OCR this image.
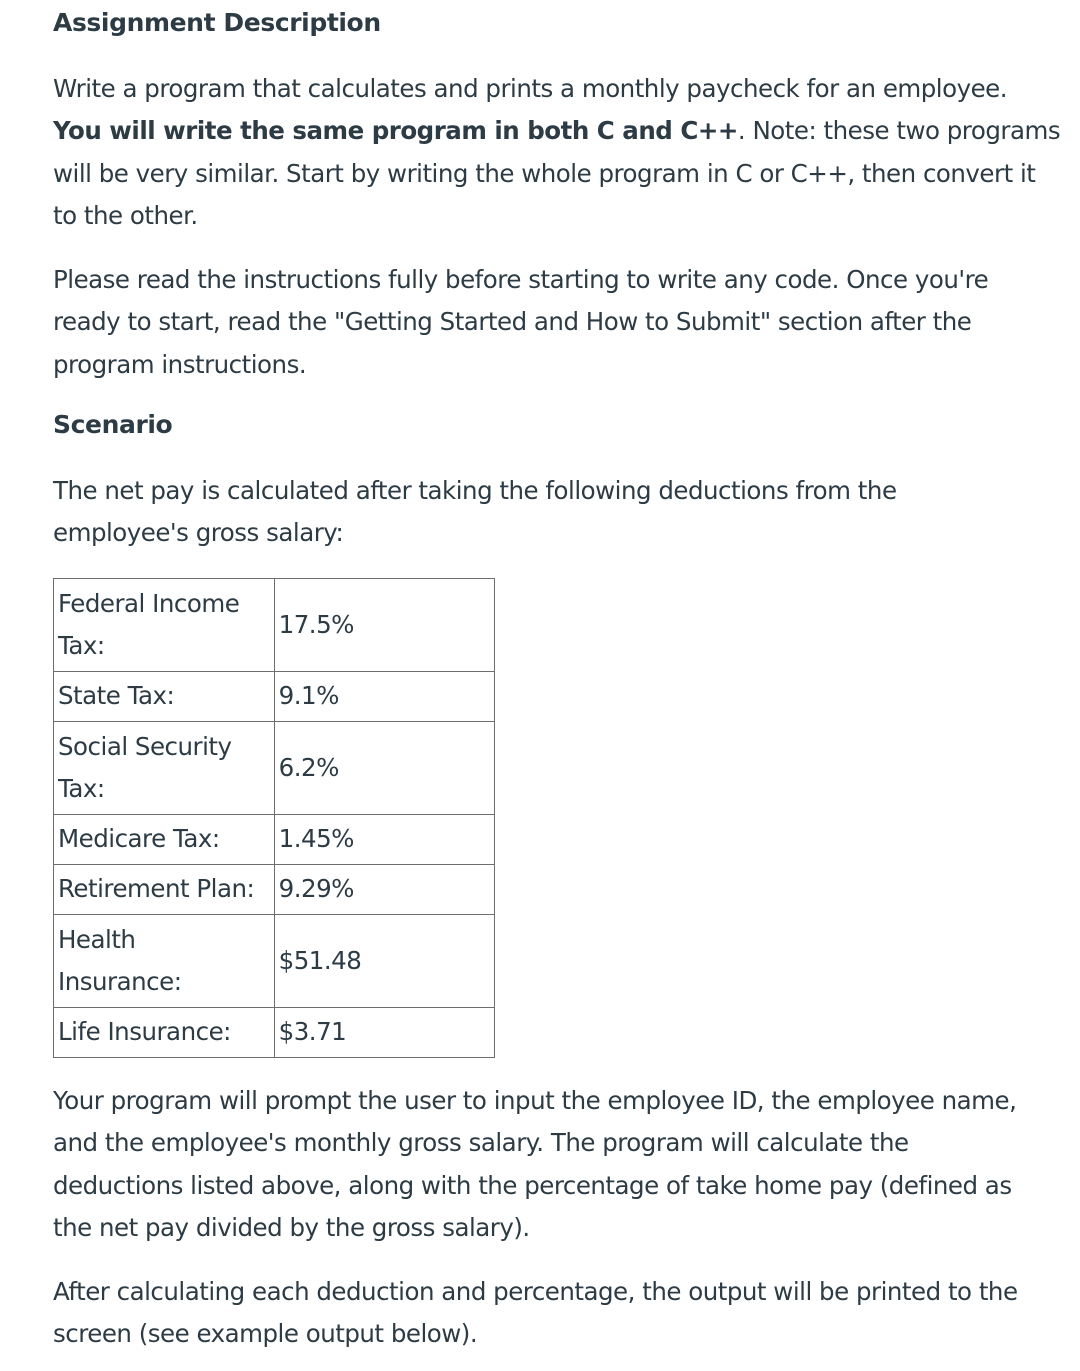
Assignment Description

Write a program that calculates and prints a monthly paycheck for an employee.
You will write the same program in both C and C++. Note: these two programs
will be very similar. Start by writing the whole program in C or C++, then convert it
to the other.

Please read the instructions fully before starting to write any code. Once you're
ready to start, read the "Getting Started and How to Submit" section after the
program instructions.

Scenario

The net pay is calculated after taking the following deductions from the
employee's gross salary:

Federal Income
Tax:	17.5%
State Tax:	9.1%
Social Security
Tax:	6.2%
Medicare Tax:	1.45%
Retirement Plan:	9.29%
Health
Insurance:	$51.48
Life Insurance:	$3.71

Your program will prompt the user to input the employee ID, the employee name,
and the employee's monthly gross salary. The program will calculate the
deductions listed above, along with the percentage of take home pay (defined as
the net pay divided by the gross salary).

After calculating each deduction and percentage, the output will be printed to the
screen (see example output below).
